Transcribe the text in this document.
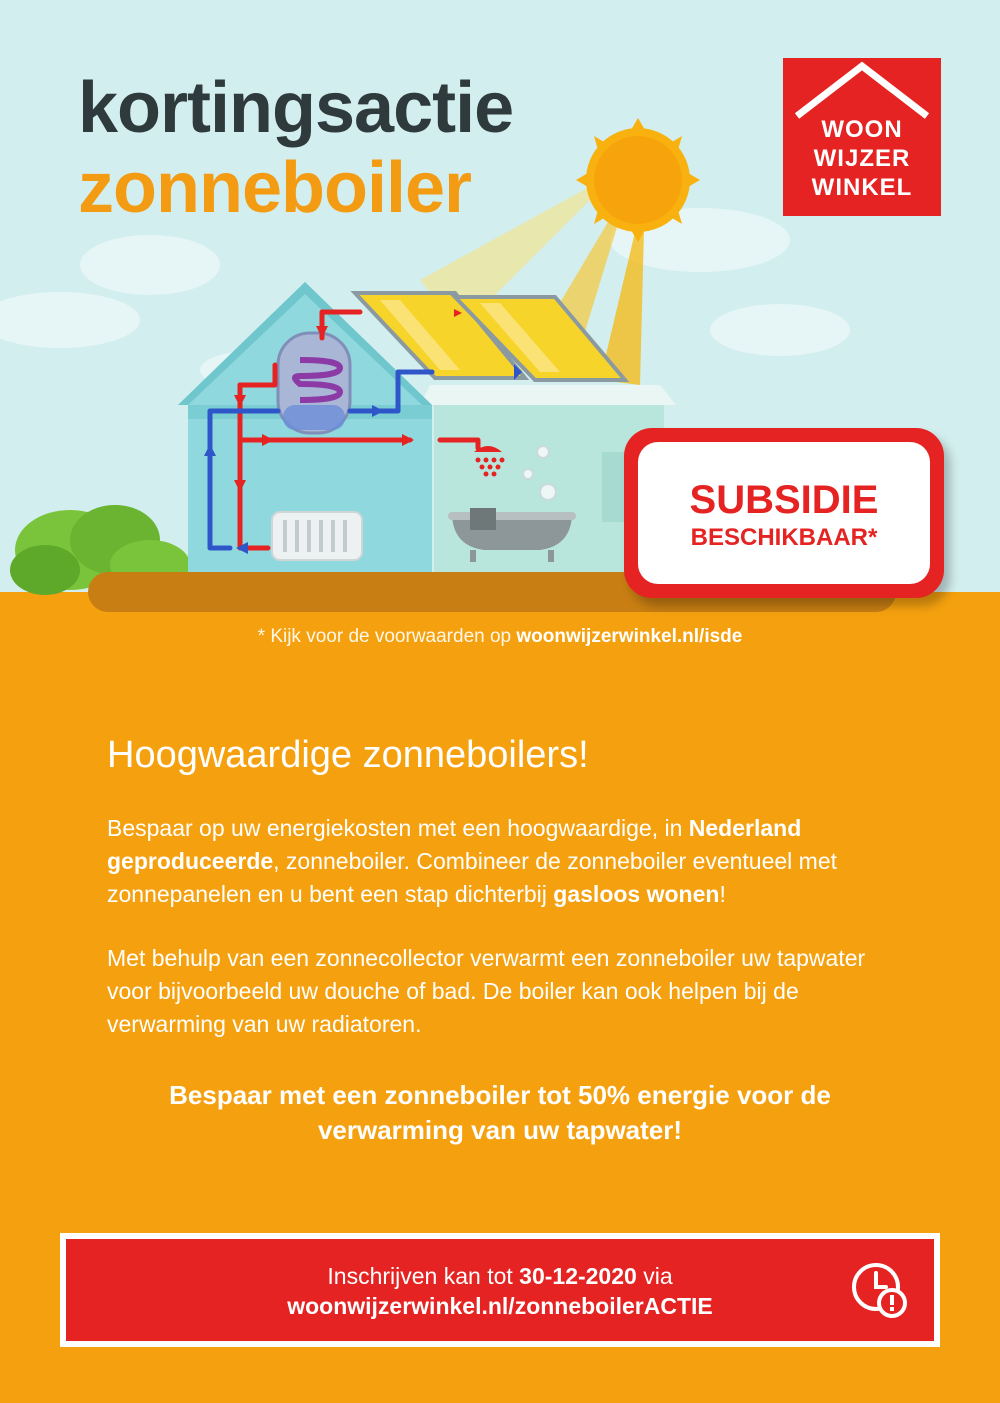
kortingsactie
zonneboiler
WOON
WIJZER
WINKEL
SUBSIDIE
BESCHIKBAAR*
* Kijk voor de voorwaarden op woonwijzerwinkel.nl/isde
Hoogwaardige zonneboilers!
Bespaar op uw energiekosten met een hoogwaardige, in Nederland geproduceerde, zonneboiler. Combineer de zonneboiler eventueel met zonnepanelen en u bent een stap dichterbij gasloos wonen!
Met behulp van een zonnecollector verwarmt een zonneboiler uw tapwater voor bijvoorbeeld uw douche of bad. De boiler kan ook helpen bij de verwarming van uw radiatoren.
Bespaar met een zonneboiler tot 50% energie voor de
verwarming van uw tapwater!
Inschrijven kan tot 30-12-2020 via
woonwijzerwinkel.nl/zonneboilerACTIE
